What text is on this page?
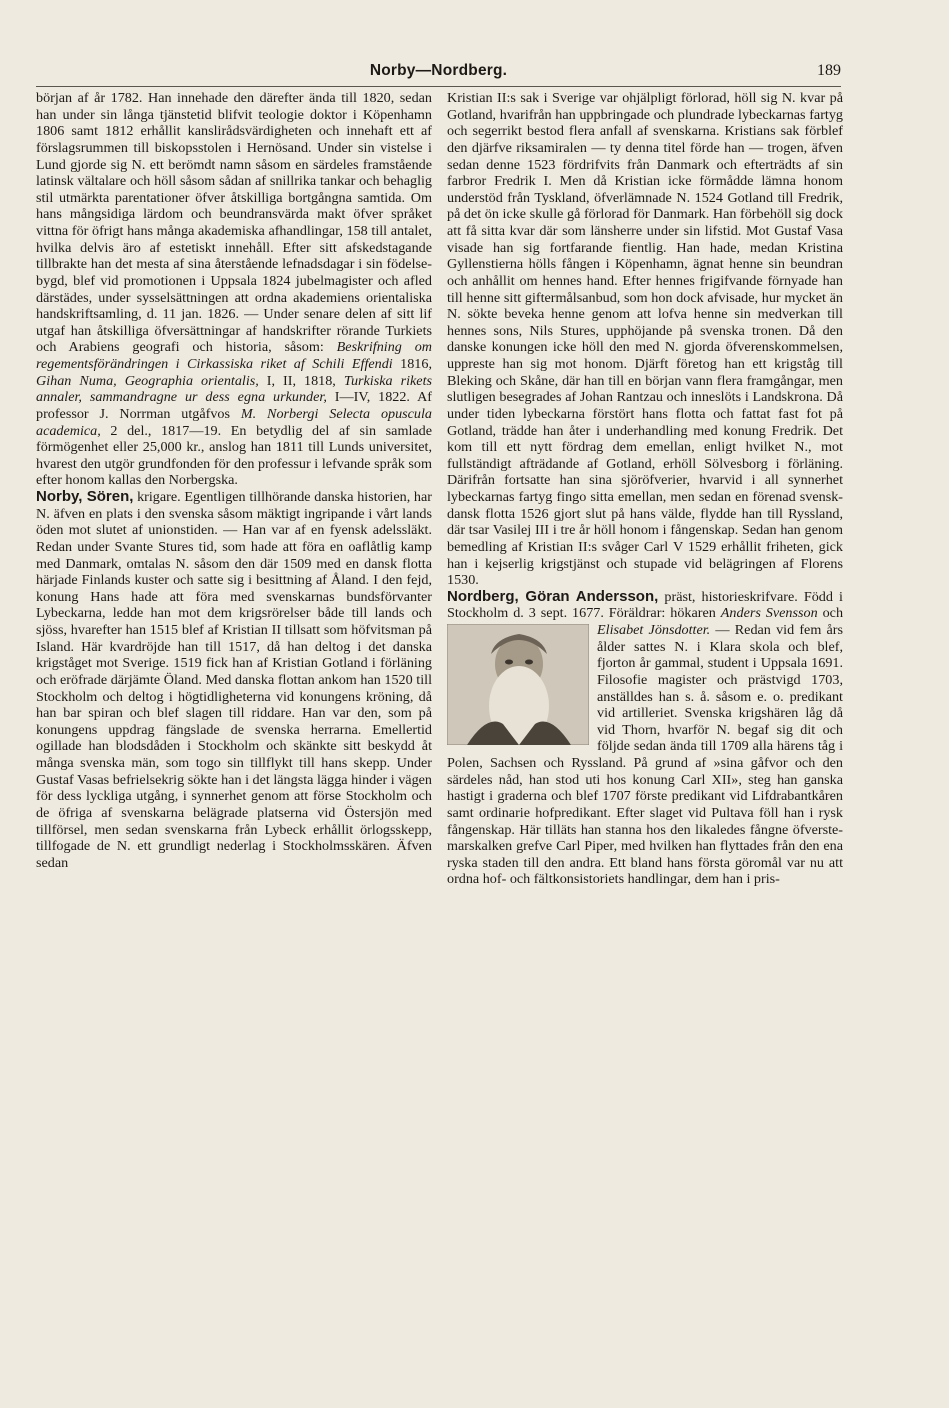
Norby—Nordberg.	189

början af år 1782. Han innehade den därefter ända till 1820, sedan han under sin långa tjänstetid blifvit teologie doktor i Köpenhamn 1806 samt 1812 erhållit kanslirådsvärdigheten och innehaft ett af förslagsrummen till biskopsstolen i Hernösand. Under sin vistelse i Lund gjorde sig N. ett berömdt namn såsom en särdeles framstående latinsk vältalare och höll såsom sådan af snillrika tankar och behaglig stil utmärkta parentationer öfver åtskilliga bortgångna samtida. Om hans mångsidiga lärdom och beundransvärda makt öfver språket vittna för öfrigt hans många akademiska afhandlingar, 158 till antalet, hvilka delvis äro af estetiskt innehåll. Efter sitt afskedstagande tillbrakte han det mesta af sina återstående lefnadsdagar i sin födelsebygd, blef vid promotionen i Uppsala 1824 jubelmagister och afled därstädes, under sysselsättningen att ordna akademiens orientaliska handskriftsamling, d. 11 jan. 1826. — Under senare delen af sitt lif utgaf han åtskilliga öfversättningar af handskrifter rörande Turkiets och Arabiens geografi och historia, såsom: Beskrifning om regementsförändringen i Cirkassiska riket af Schili Effendi 1816, Gihan Numa, Geographia orientalis, I, II, 1818, Turkiska rikets annaler, sammandragne ur dess egna urkunder, I—IV, 1822. Af professor J. Norrman utgåfvos M. Norbergi Selecta opuscula academica, 2 del., 1817—19. En betydlig del af sin samlade förmögenhet eller 25,000 kr., anslog han 1811 till Lunds universitet, hvarest den utgör grundfonden för den professur i lefvande språk som efter honom kallas den Norbergska.

Norby, Sören, krigare. Egentligen tillhörande danska historien, har N. äfven en plats i den svenska såsom mäktigt ingripande i vårt lands öden mot slutet af unionstiden. — Han var af en fyensk adelssläkt. Redan under Svante Stures tid, som hade att föra en oaflåtlig kamp med Danmark, omtalas N. såsom den där 1509 med en dansk flotta härjade Finlands kuster och satte sig i besittning af Åland. I den fejd, konung Hans hade att föra med svenskarnas bundsförvanter Lybeckarna, ledde han mot dem krigsrörelser både till lands och sjöss, hvarefter han 1515 blef af Kristian II tillsatt som höfvitsman på Island. Här kvardröjde han till 1517, då han deltog i det danska krigståget mot Sverige. 1519 fick han af Kristian Gotland i förläning och eröfrade därjämte Öland. Med danska flottan ankom han 1520 till Stockholm och deltog i högtidligheterna vid konungens kröning, då han bar spiran och blef slagen till riddare. Han var den, som på konungens uppdrag fängslade de svenska herrarna. Emellertid ogillade han blodsdåden i Stockholm och skänkte sitt beskydd åt många svenska män, som togo sin tillflykt till hans skepp. Under Gustaf Vasas befrielsekrig sökte han i det längsta lägga hinder i vägen för dess lyckliga utgång, i synnerhet genom att förse Stockholm och de öfriga af svenskarna belägrade platserna vid Östersjön med tillförsel, men sedan svenskarna från Lybeck erhållit örlogsskepp, tillfogade de N. ett grundligt nederlag i Stockholmsskären. Äfven sedan

Kristian II:s sak i Sverige var ohjälpligt förlorad, höll sig N. kvar på Gotland, hvarifrån han uppbringade och plundrade lybeckarnas fartyg och segerrikt bestod flera anfall af svenskarna. Kristians sak förblef den djärfve riksamiralen — ty denna titel förde han — trogen, äfven sedan denne 1523 fördrifvits från Danmark och efterträdts af sin farbror Fredrik I. Men då Kristian icke förmådde lämna honom understöd från Tyskland, öfverlämnade N. 1524 Gotland till Fredrik, på det ön icke skulle gå förlorad för Danmark. Han förbehöll sig dock att få sitta kvar där som länsherre under sin lifstid. Mot Gustaf Vasa visade han sig fortfarande fientlig. Han hade, medan Kristina Gyllenstierna hölls fången i Köpenhamn, ägnat henne sin beundran och anhållit om hennes hand. Efter hennes frigifvande förnyade han till henne sitt giftermålsanbud, som hon dock afvisade, hur mycket än N. sökte beveka henne genom att lofva henne sin medverkan till hennes sons, Nils Stures, upphöjande på svenska tronen. Då den danske konungen icke höll den med N. gjorda öfverenskommelsen, uppreste han sig mot honom. Djärft företog han ett krigståg till Bleking och Skåne, där han till en början vann flera framgångar, men slutligen besegrades af Johan Rantzau och inneslöts i Landskrona. Då under tiden lybeckarna förstört hans flotta och fattat fast fot på Gotland, trädde han åter i underhandling med konung Fredrik. Det kom till ett nytt fördrag dem emellan, enligt hvilket N., mot fullständigt afträdande af Gotland, erhöll Sölvesborg i förläning. Därifrån fortsatte han sina sjöröfverier, hvarvid i all synnerhet lybeckarnas fartyg fingo sitta emellan, men sedan en förenad svensk-dansk flotta 1526 gjort slut på hans välde, flydde han till Ryssland, där tsar Vasilej III i tre år höll honom i fångenskap. Sedan han genom bemedling af Kristian II:s svåger Carl V 1529 erhållit friheten, gick han i kejserlig krigstjänst och stupade vid belägringen af Florens 1530.

Nordberg, Göran Andersson, präst, historieskrifvare. Född i Stockholm d. 3 sept. 1677. Föräldrar: hökaren
Anders Svensson och Elisabet Jönsdotter. — Redan vid fem års ålder sattes N. i Klara skola och blef, fjorton år gammal, student i Uppsala 1691. Filosofie magister och prästvigd 1703, anställdes han s. å. såsom e. o. predikant vid artilleriet. Svenska krigshären låg då vid Thorn, hvarför N. begaf sig dit och följde sedan ända till 1709 alla härens tåg i Polen, Sachsen och Ryssland. På grund af »sina gåfvor och den särdeles nåd, han stod uti hos konung Carl XII», steg han ganska hastigt i graderna och blef 1707 förste predikant vid Lifdrabantkåren samt ordinarie hofpredikant. Efter slaget vid Pultava föll han i rysk fångenskap. Här tilläts han stanna hos den likaledes fångne öfverste-marskalken grefve Carl Piper, med hvilken han flyttades från den ena ryska staden till den andra. Ett bland hans första göromål var nu att ordna hof- och fältkonsistoriets handlingar, dem han i pris-
